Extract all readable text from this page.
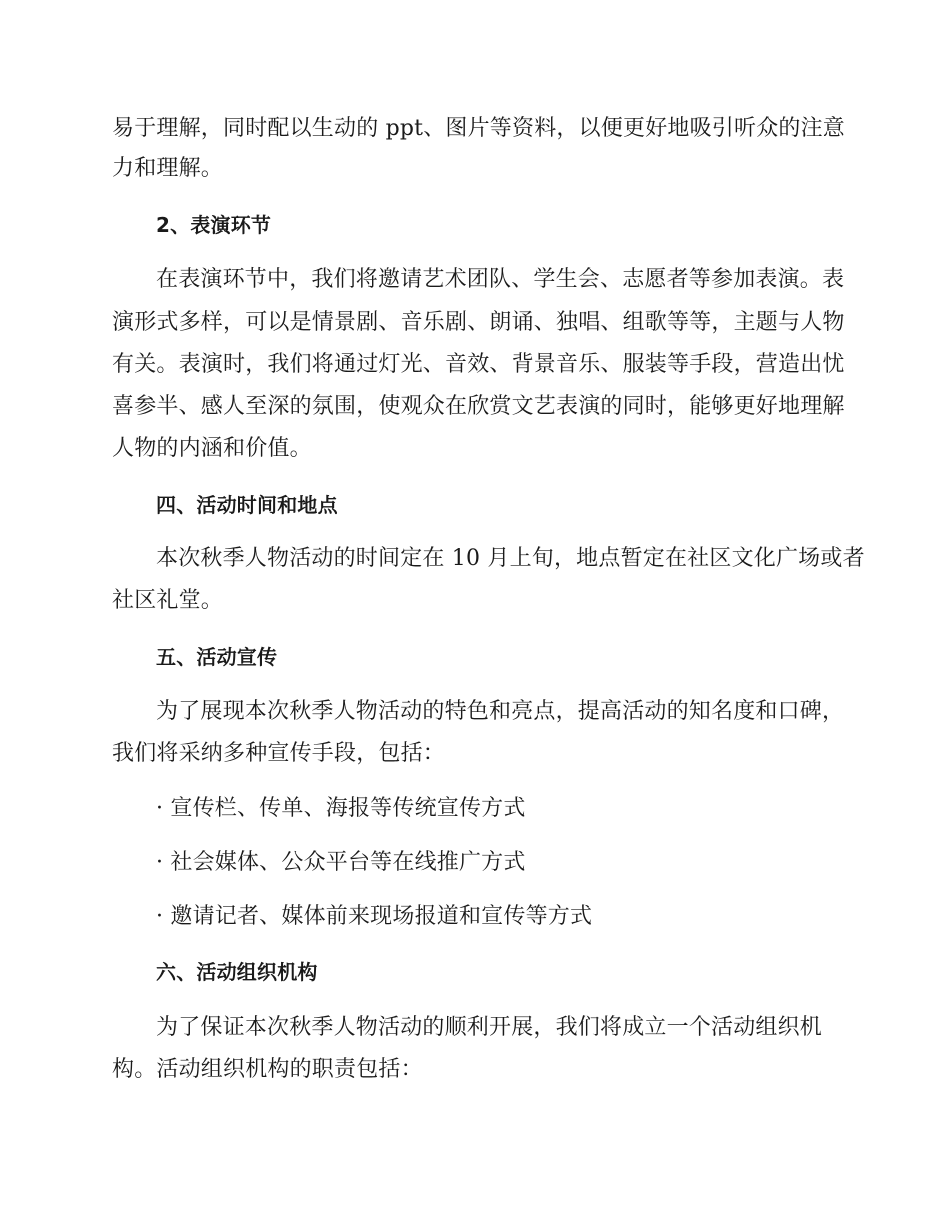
易于理解，同时配以生动的 ppt、图片等资料，以便更好地吸引听众的注意
力和理解。
2、表演环节
在表演环节中，我们将邀请艺术团队、学生会、志愿者等参加表演。表
演形式多样，可以是情景剧、音乐剧、朗诵、独唱、组歌等等，主题与人物
有关。表演时，我们将通过灯光、音效、背景音乐、服装等手段，营造出忧
喜参半、感人至深的氛围，使观众在欣赏文艺表演的同时，能够更好地理解
人物的内涵和价值。
四、活动时间和地点
本次秋季人物活动的时间定在 10 月上旬，地点暂定在社区文化广场或者
社区礼堂。
五、活动宣传
为了展现本次秋季人物活动的特色和亮点，提高活动的知名度和口碑，
我们将采纳多种宣传手段，包括：
· 宣传栏、传单、海报等传统宣传方式
· 社会媒体、公众平台等在线推广方式
· 邀请记者、媒体前来现场报道和宣传等方式
六、活动组织机构
为了保证本次秋季人物活动的顺利开展，我们将成立一个活动组织机
构。活动组织机构的职责包括：
